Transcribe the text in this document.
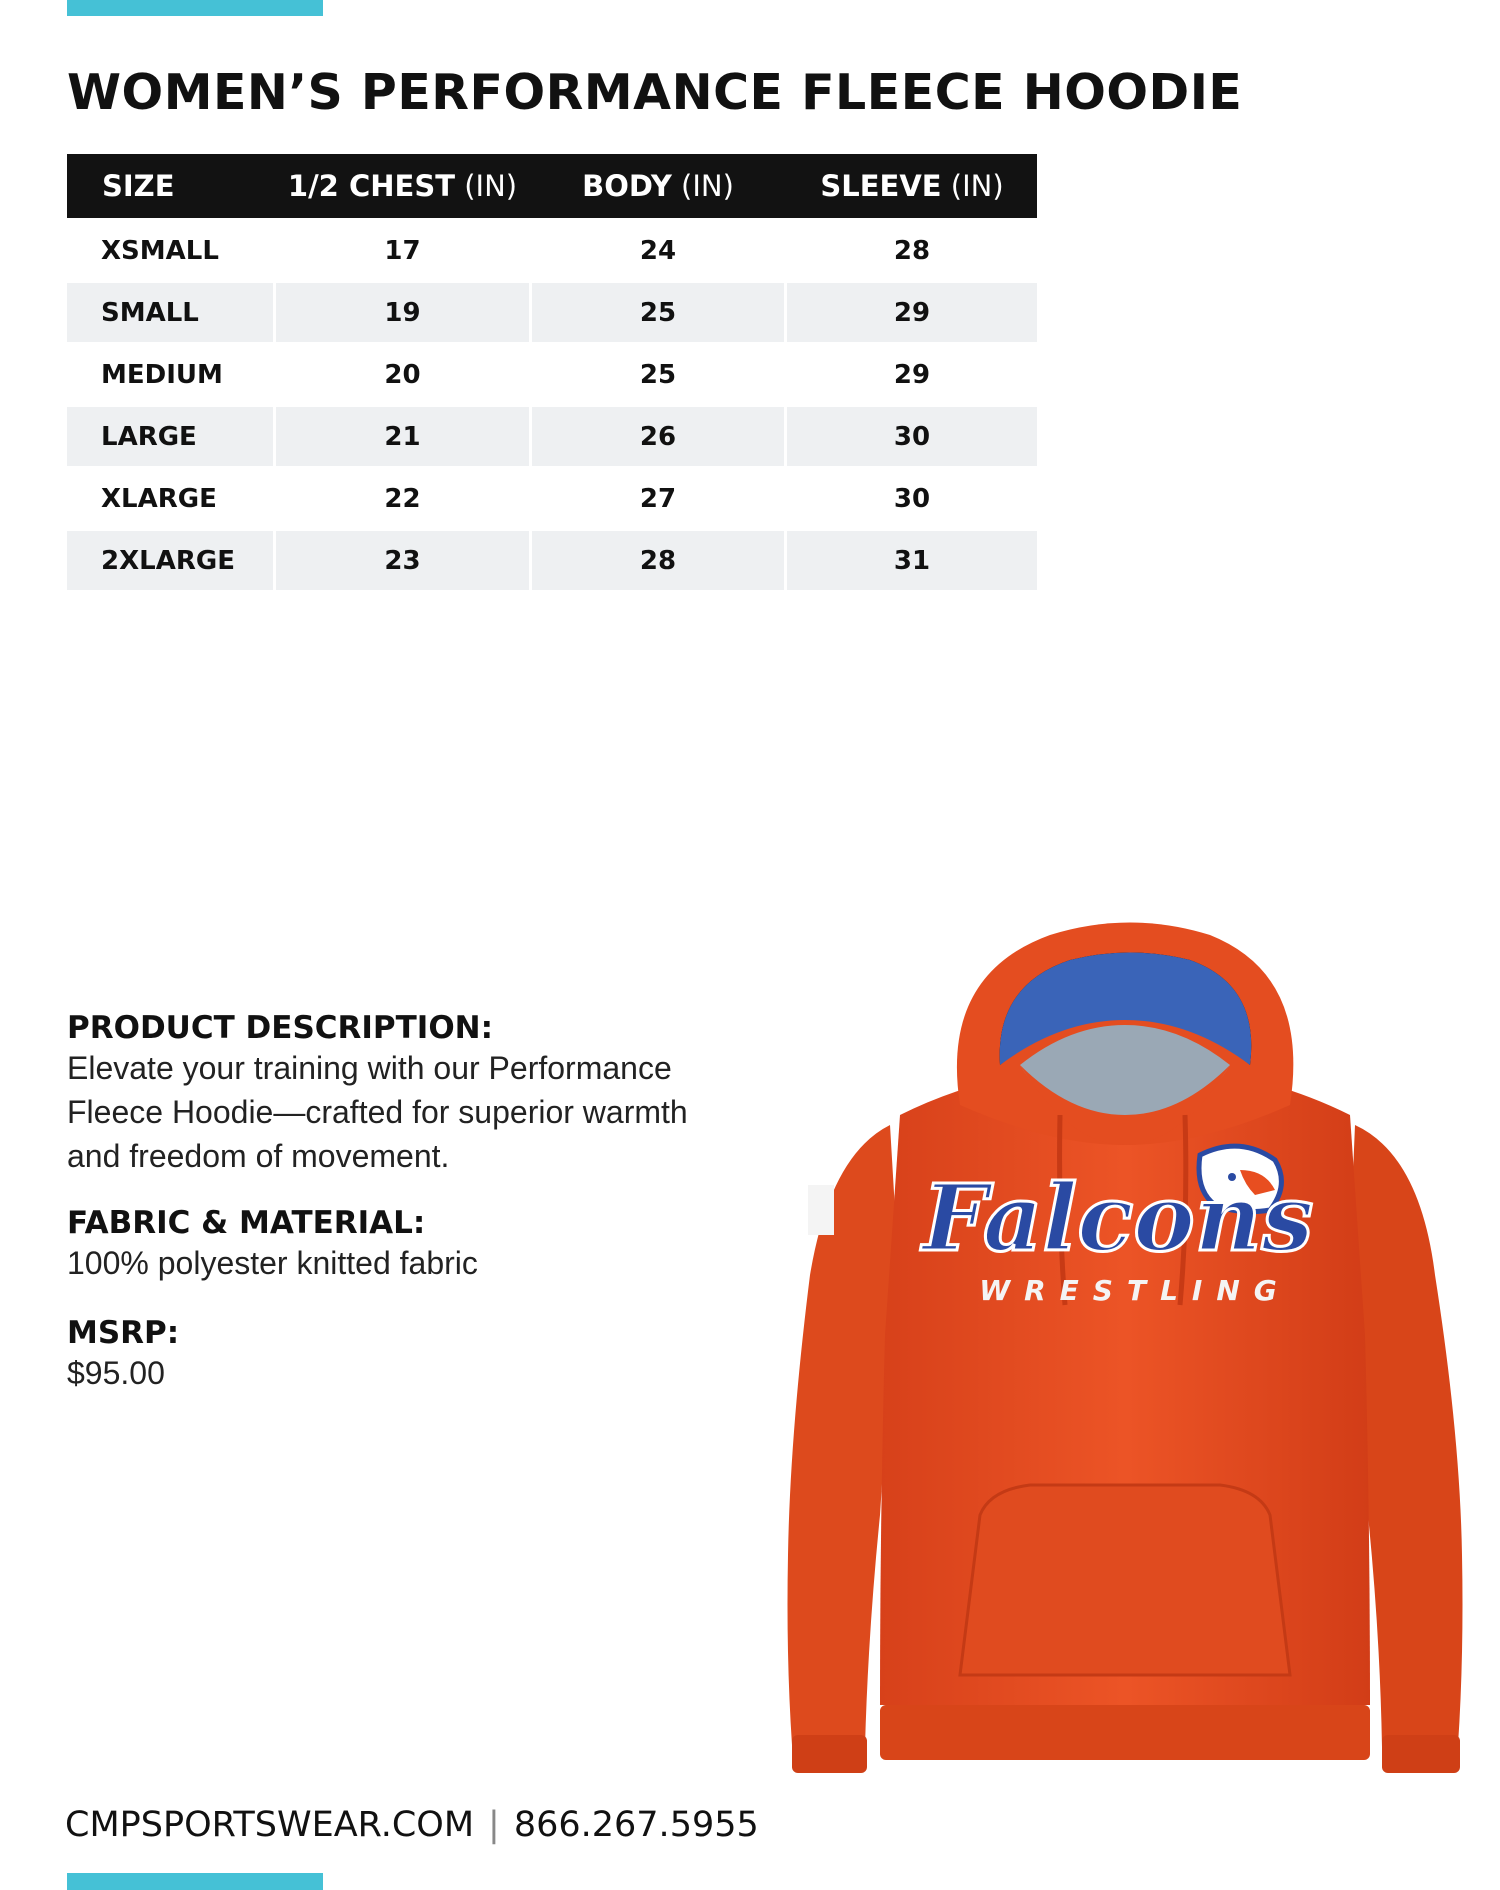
WOMEN’S PERFORMANCE FLEECE HOODIE
SIZE	1/2 CHEST (IN)	BODY (IN)	SLEEVE (IN)
XSMALL	17	24	28
SMALL	19	25	29
MEDIUM	20	25	29
LARGE	21	26	30
XLARGE	22	27	30
2XLARGE	23	28	31
PRODUCT DESCRIPTION:

Elevate your training with our Performance

Fleece Hoodie—crafted for superior warmth

and freedom of movement.

FABRIC & MATERIAL:

100% polyester knitted fabric

MSRP:

$95.00

Falcons
WRESTLING
CMPSPORTSWEAR.COM | 866.267.5955
